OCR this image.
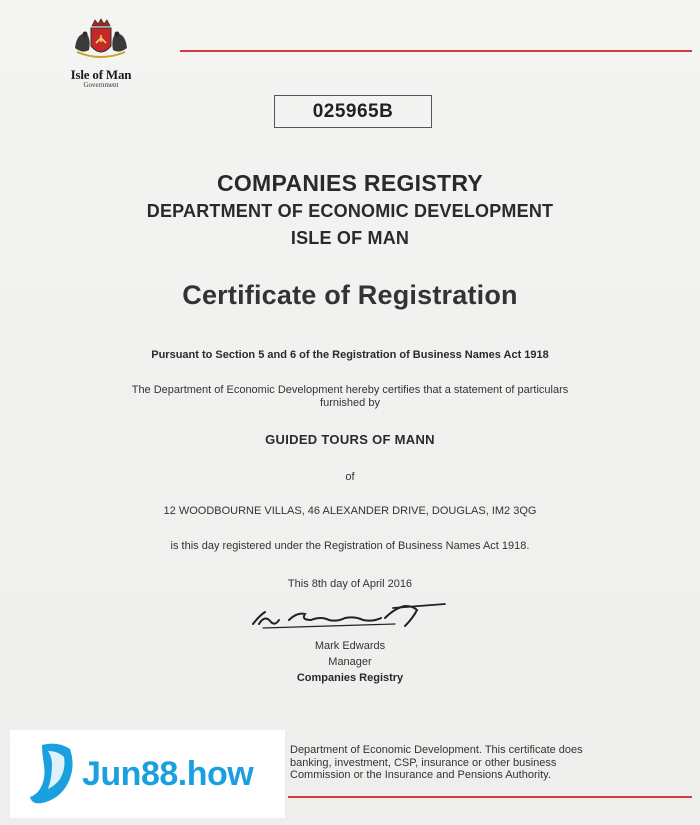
Isle of Man
Government
025965B
COMPANIES REGISTRY
DEPARTMENT OF ECONOMIC DEVELOPMENT
ISLE OF MAN
Certificate of Registration
Pursuant to Section 5 and 6 of the Registration of Business Names Act 1918
The Department of Economic Development hereby certifies that a statement of particulars
furnished by
GUIDED TOURS OF MANN
of
12 WOODBOURNE VILLAS, 46 ALEXANDER DRIVE, DOUGLAS, IM2 3QG
is this day registered under the Registration of Business Names Act 1918.
This 8th day of April 2016
Mark Edwards
Manager
Companies Registry
Department of Economic Development. This certificate does
banking, investment, CSP, insurance or other business
Commission or the Insurance and Pensions Authority.
Jun88.how
